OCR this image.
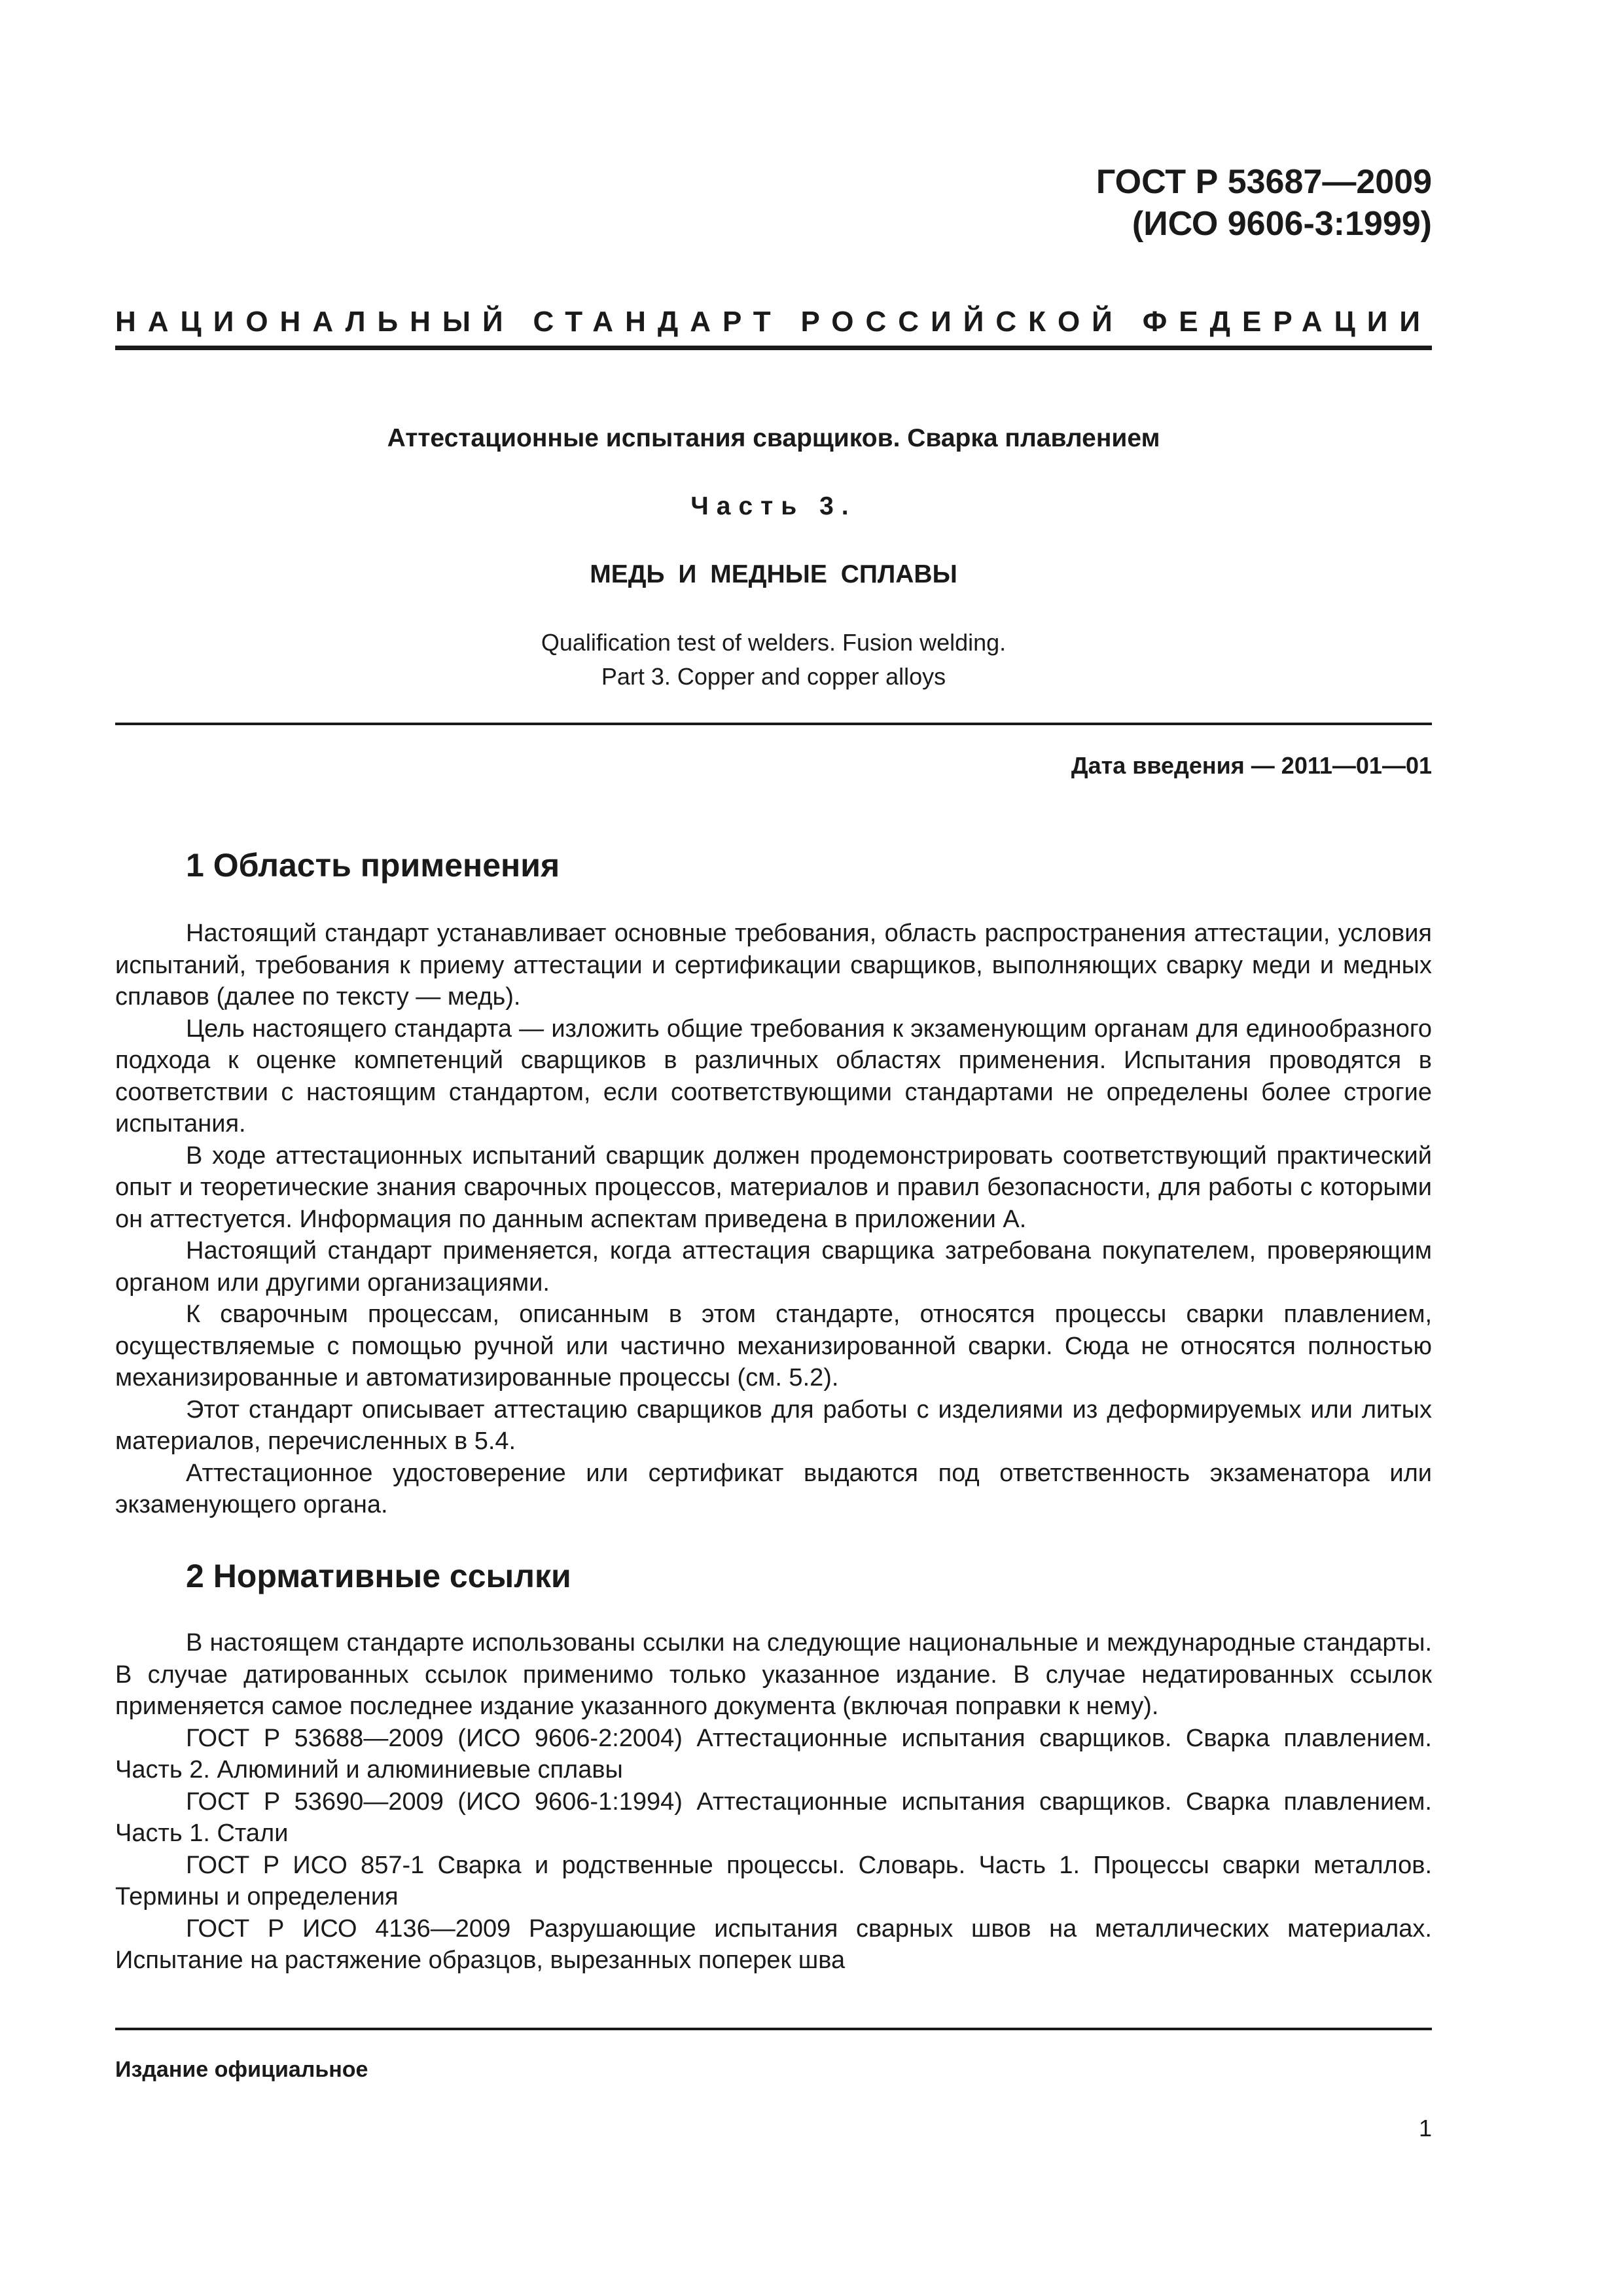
ГОСТ Р 53687—2009
(ИСО 9606-3:1999)
НАЦИОНАЛЬНЫЙ СТАНДАРТ РОССИЙСКОЙ ФЕДЕРАЦИИ
Аттестационные испытания сварщиков. Сварка плавлением
Часть 3.
МЕДЬ И МЕДНЫЕ СПЛАВЫ
Qualification test of welders. Fusion welding.
Part 3. Copper and copper alloys
Дата введения — 2011—01—01
1 Область применения

Настоящий стандарт устанавливает основные требования, область распространения аттестации, условия испытаний, требования к приему аттестации и сертификации сварщиков, выполняющих сварку меди и медных сплавов (далее по тексту — медь).

Цель настоящего стандарта — изложить общие требования к экзаменующим органам для единообразного подхода к оценке компетенций сварщиков в различных областях применения. Испытания проводятся в соответствии с настоящим стандартом, если соответствующими стандартами не определены более строгие испытания.

В ходе аттестационных испытаний сварщик должен продемонстрировать соответствующий практический опыт и теоретические знания сварочных процессов, материалов и правил безопасности, для работы с которыми он аттестуется. Информация по данным аспектам приведена в приложении А.

Настоящий стандарт применяется, когда аттестация сварщика затребована покупателем, проверяющим органом или другими организациями.

К сварочным процессам, описанным в этом стандарте, относятся процессы сварки плавлением, осуществляемые с помощью ручной или частично механизированной сварки. Сюда не относятся полностью механизированные и автоматизированные процессы (см. 5.2).

Этот стандарт описывает аттестацию сварщиков для работы с изделиями из деформируемых или литых материалов, перечисленных в 5.4.

Аттестационное удостоверение или сертификат выдаются под ответственность экзаменатора или экзаменующего органа.

2 Нормативные ссылки

В настоящем стандарте использованы ссылки на следующие национальные и международные стандарты. В случае датированных ссылок применимо только указанное издание. В случае недатированных ссылок применяется самое последнее издание указанного документа (включая поправки к нему).

ГОСТ Р 53688—2009 (ИСО 9606-2:2004) Аттестационные испытания сварщиков. Сварка плавлением. Часть 2. Алюминий и алюминиевые сплавы

ГОСТ Р 53690—2009 (ИСО 9606-1:1994) Аттестационные испытания сварщиков. Сварка плавлением. Часть 1. Стали

ГОСТ Р ИСО 857-1 Сварка и родственные процессы. Словарь. Часть 1. Процессы сварки металлов. Термины и определения

ГОСТ Р ИСО 4136—2009 Разрушающие испытания сварных швов на металлических материалах. Испытание на растяжение образцов, вырезанных поперек шва

Издание официальное
1
